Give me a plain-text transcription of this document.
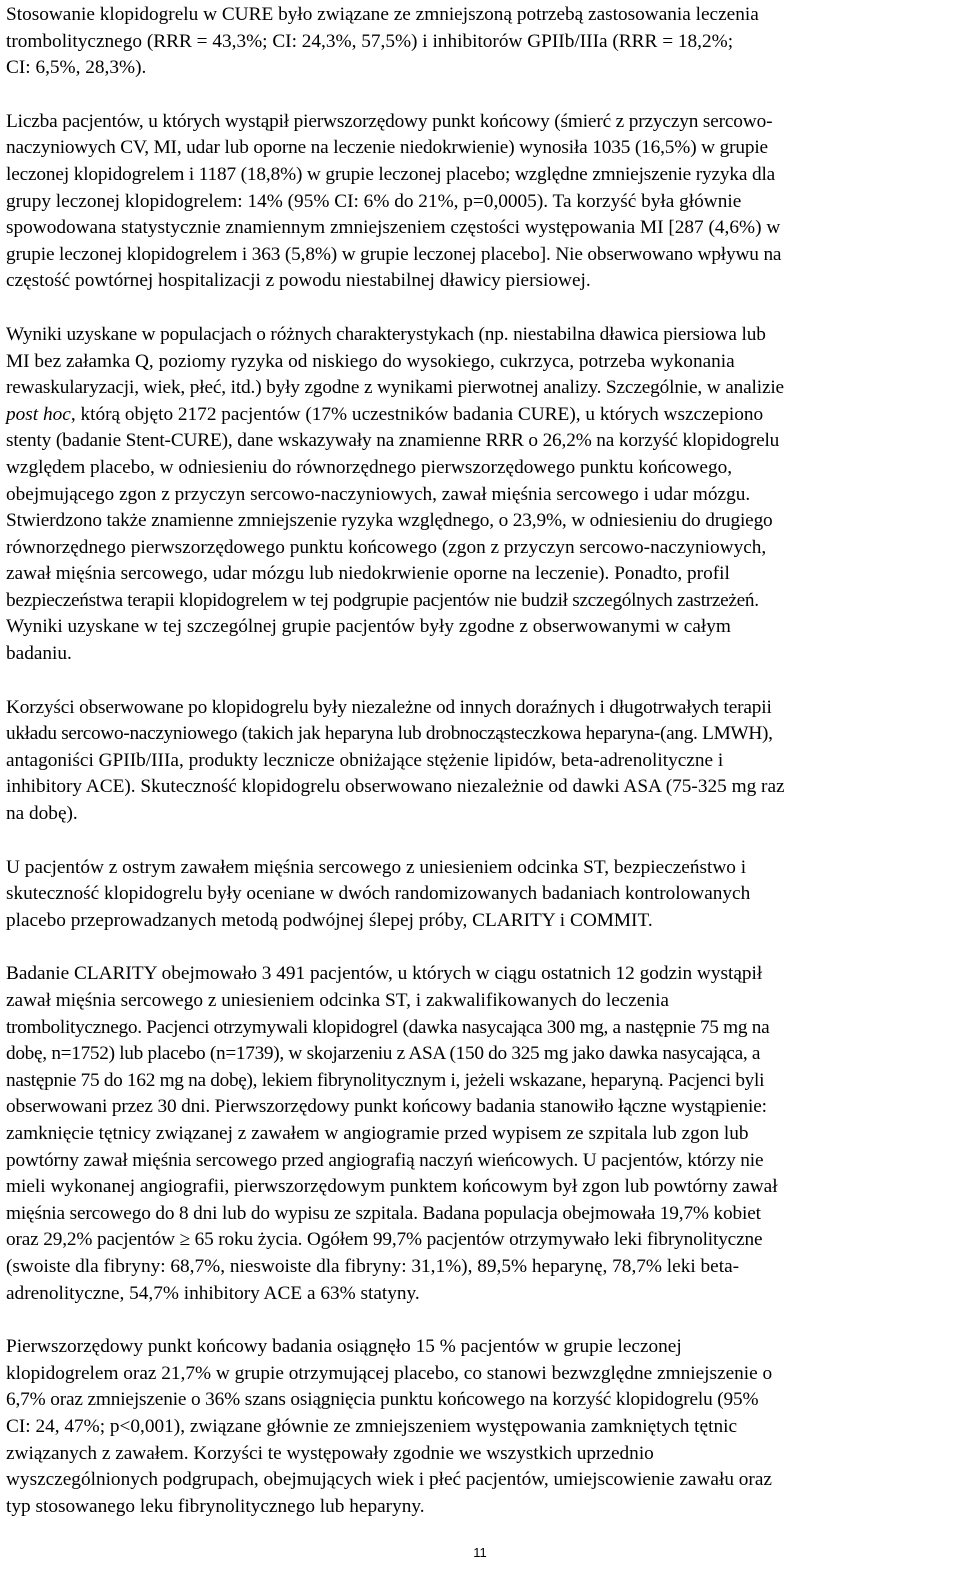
Stosowanie klopidogrelu w CURE było związane ze zmniejszoną potrzebą zastosowania leczenia
trombolitycznego (RRR = 43,3%; CI: 24,3%, 57,5%) i inhibitorów GPIIb/IIIa (RRR = 18,2%;
CI: 6,5%, 28,3%).

Liczba pacjentów, u których wystąpił pierwszorzędowy punkt końcowy (śmierć z przyczyn sercowo-
naczyniowych CV, MI, udar lub oporne na leczenie niedokrwienie) wynosiła 1035 (16,5%) w grupie
leczonej klopidogrelem i 1187 (18,8%) w grupie leczonej placebo; względne zmniejszenie ryzyka dla
grupy leczonej klopidogrelem: 14% (95% CI: 6% do 21%, p=0,0005). Ta korzyść była głównie
spowodowana statystycznie znamiennym zmniejszeniem częstości występowania MI [287 (4,6%) w
grupie leczonej klopidogrelem i 363 (5,8%) w grupie leczonej placebo]. Nie obserwowano wpływu na
częstość powtórnej hospitalizacji z powodu niestabilnej dławicy piersiowej.

Wyniki uzyskane w populacjach o różnych charakterystykach (np. niestabilna dławica piersiowa lub
MI bez załamka Q, poziomy ryzyka od niskiego do wysokiego, cukrzyca, potrzeba wykonania
rewaskularyzacji, wiek, płeć, itd.) były zgodne z wynikami pierwotnej analizy. Szczególnie, w analizie
post hoc, którą objęto 2172 pacjentów (17% uczestników badania CURE), u których wszczepiono
stenty (badanie Stent-CURE), dane wskazywały na znamienne RRR o 26,2% na korzyść klopidogrelu
względem placebo, w odniesieniu do równorzędnego pierwszorzędowego punktu końcowego,
obejmującego zgon z przyczyn sercowo-naczyniowych, zawał mięśnia sercowego i udar mózgu.
Stwierdzono także znamienne zmniejszenie ryzyka względnego, o 23,9%, w odniesieniu do drugiego
równorzędnego pierwszorzędowego punktu końcowego (zgon z przyczyn sercowo-naczyniowych,
zawał mięśnia sercowego, udar mózgu lub niedokrwienie oporne na leczenie). Ponadto, profil
bezpieczeństwa terapii klopidogrelem w tej podgrupie pacjentów nie budził szczególnych zastrzeżeń.
Wyniki uzyskane w tej szczególnej grupie pacjentów były zgodne z obserwowanymi w całym
badaniu.

Korzyści obserwowane po klopidogrelu były niezależne od innych doraźnych i długotrwałych terapii
układu sercowo-naczyniowego (takich jak heparyna lub drobnocząsteczkowa heparyna-(ang. LMWH),
antagoniści GPIIb/IIIa, produkty lecznicze obniżające stężenie lipidów, beta-adrenolityczne i
inhibitory ACE). Skuteczność klopidogrelu obserwowano niezależnie od dawki ASA (75-325 mg raz
na dobę).

U pacjentów z ostrym zawałem mięśnia sercowego z uniesieniem odcinka ST, bezpieczeństwo i
skuteczność klopidogrelu były oceniane w dwóch randomizowanych badaniach kontrolowanych
placebo przeprowadzanych metodą podwójnej ślepej próby, CLARITY i COMMIT.

Badanie CLARITY obejmowało 3 491 pacjentów, u których w ciągu ostatnich 12 godzin wystąpił
zawał mięśnia sercowego z uniesieniem odcinka ST, i zakwalifikowanych do leczenia
trombolitycznego. Pacjenci otrzymywali klopidogrel (dawka nasycająca 300 mg, a następnie 75 mg na
dobę, n=1752) lub placebo (n=1739), w skojarzeniu z ASA (150 do 325 mg jako dawka nasycająca, a
następnie 75 do 162 mg na dobę), lekiem fibrynolitycznym i, jeżeli wskazane, heparyną. Pacjenci byli
obserwowani przez 30 dni. Pierwszorzędowy punkt końcowy badania stanowiło łączne wystąpienie:
zamknięcie tętnicy związanej z zawałem w angiogramie przed wypisem ze szpitala lub zgon lub
powtórny zawał mięśnia sercowego przed angiografią naczyń wieńcowych. U pacjentów, którzy nie
mieli wykonanej angiografii, pierwszorzędowym punktem końcowym był zgon lub powtórny zawał
mięśnia sercowego do 8 dni lub do wypisu ze szpitala. Badana populacja obejmowała 19,7% kobiet
oraz 29,2% pacjentów ≥ 65 roku życia. Ogółem 99,7% pacjentów otrzymywało leki fibrynolityczne
(swoiste dla fibryny: 68,7%, nieswoiste dla fibryny: 31,1%), 89,5% heparynę, 78,7% leki beta-
adrenolityczne, 54,7% inhibitory ACE a 63% statyny.

Pierwszorzędowy punkt końcowy badania osiągnęło 15 % pacjentów w grupie leczonej
klopidogrelem oraz 21,7% w grupie otrzymującej placebo, co stanowi bezwzględne zmniejszenie o
6,7% oraz zmniejszenie o 36% szans osiągnięcia punktu końcowego na korzyść klopidogrelu (95%
CI: 24, 47%; p<0,001), związane głównie ze zmniejszeniem występowania zamkniętych tętnic
związanych z zawałem. Korzyści te występowały zgodnie we wszystkich uprzednio
wyszczególnionych podgrupach, obejmujących wiek i płeć pacjentów, umiejscowienie zawału oraz
typ stosowanego leku fibrynolitycznego lub heparyny.

11
